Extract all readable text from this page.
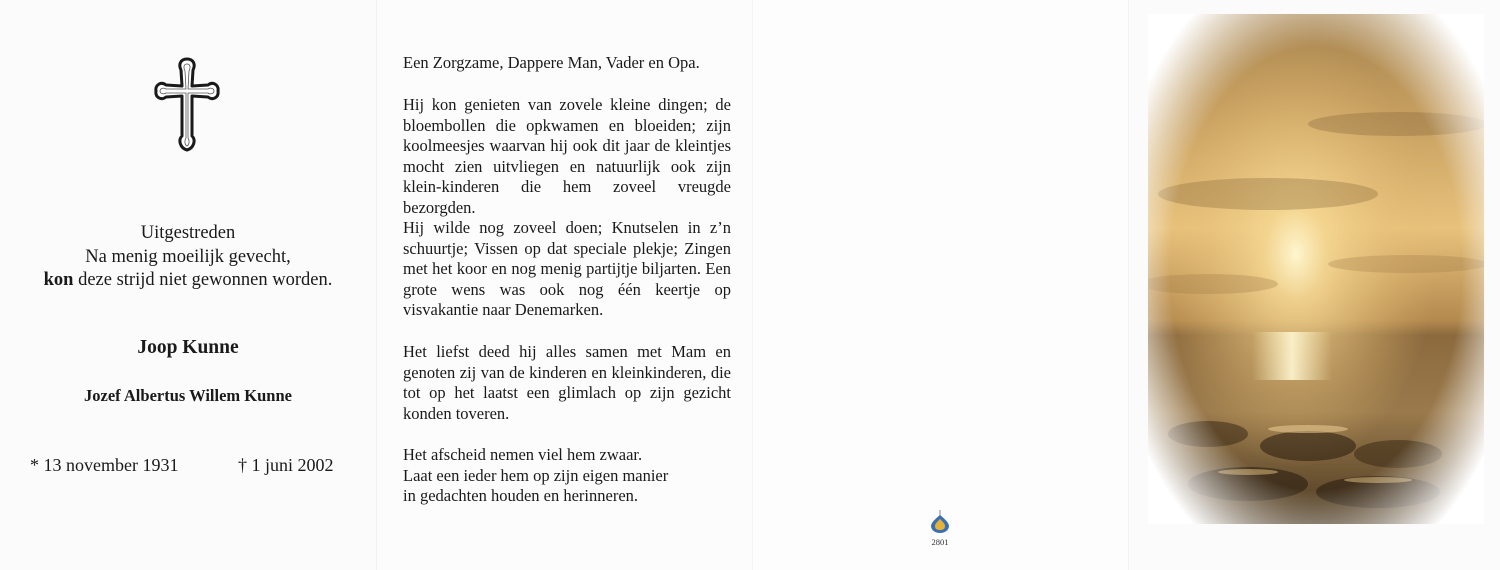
Uitgestreden
Na menig moeilijk gevecht,
kon deze strijd niet gewonnen worden.
Joop Kunne
Jozef Albertus Willem Kunne
* 13 november 1931	† 1 juni 2002
Een Zorgzame, Dappere Man, Vader en Opa.
Hij kon genieten van zovele kleine dingen; de bloembollen die opkwamen en bloeiden; zijn koolmeesjes waarvan hij ook dit jaar de kleintjes mocht zien uitvliegen en natuurlijk ook zijn klein-kinderen die hem zoveel vreugde bezorgden.
Hij wilde nog zoveel doen; Knutselen in z’n schuurtje; Vissen op dat speciale plekje; Zingen met het koor en nog menig partijtje biljarten. Een grote wens was ook nog één keertje op visvakantie naar Denemarken.
Het liefst deed hij alles samen met Mam en genoten zij van de kinderen en kleinkinderen, die tot op het laatst een glimlach op zijn gezicht konden toveren.

Het afscheid nemen viel hem zwaar.

Laat een ieder hem op zijn eigen manier

in gedachten houden en herinneren.

2801
